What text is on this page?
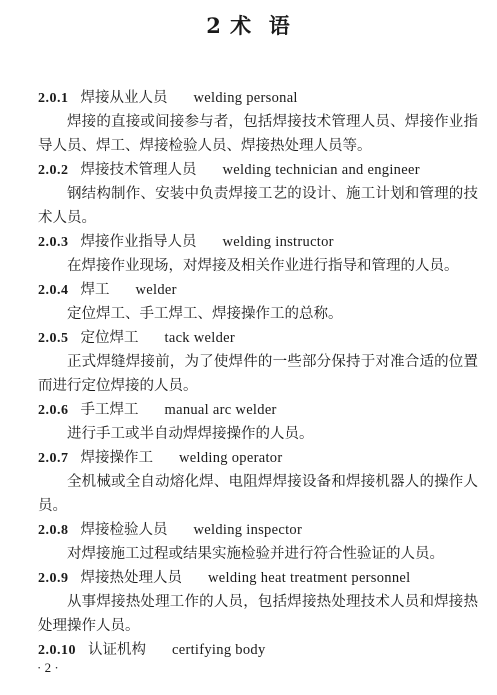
2 术  语
2.0.1 焊接从业人员 welding personal

焊接的直接或间接参与者，包括焊接技术管理人员、焊接作业指导人员、焊工、焊接检验人员、焊接热处理人员等。

2.0.2 焊接技术管理人员 welding technician and engineer

钢结构制作、安装中负责焊接工艺的设计、施工计划和管理的技术人员。

2.0.3 焊接作业指导人员 welding instructor

在焊接作业现场，对焊接及相关作业进行指导和管理的人员。

2.0.4 焊工 welder

定位焊工、手工焊工、焊接操作工的总称。

2.0.5 定位焊工 tack welder

正式焊缝焊接前，为了使焊件的一些部分保持于对准合适的位置而进行定位焊接的人员。

2.0.6 手工焊工 manual arc welder

进行手工或半自动焊焊接操作的人员。

2.0.7 焊接操作工 welding operator

全机械或全自动熔化焊、电阻焊焊接设备和焊接机器人的操作人员。

2.0.8 焊接检验人员 welding inspector

对焊接施工过程或结果实施检验并进行符合性验证的人员。

2.0.9 焊接热处理人员 welding heat treatment personnel

从事焊接热处理工作的人员，包括焊接热处理技术人员和焊接热处理操作人员。

2.0.10 认证机构 certifying body
· 2 ·
